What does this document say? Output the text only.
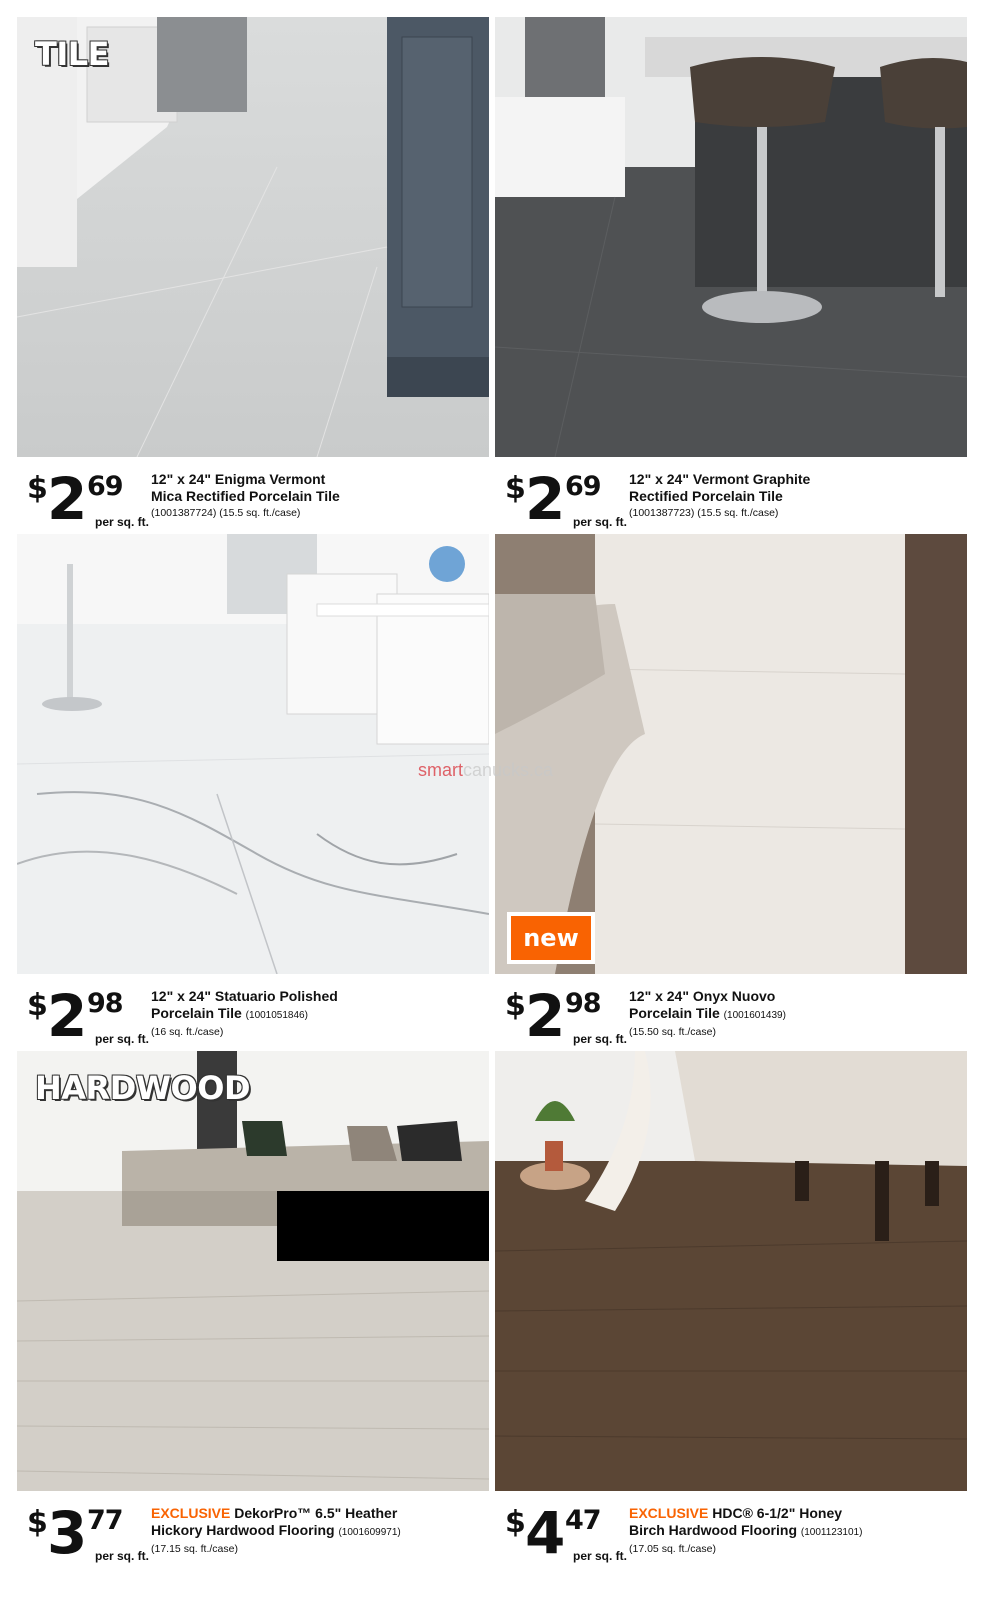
TILE
$ 2 69
per sq. ft.
12" x 24" Enigma Vermont
Mica Rectified Porcelain Tile
(1001387724) (15.5 sq. ft./case)
$ 2 69
per sq. ft.
12" x 24" Vermont Graphite
Rectified Porcelain Tile
(1001387723) (15.5 sq. ft./case)
$ 2 98
per sq. ft.
12" x 24" Statuario Polished
Porcelain Tile (1001051846)
(16 sq. ft./case)
new
$ 2 98
per sq. ft.
12" x 24" Onyx Nuovo
Porcelain Tile (1001601439)
(15.50 sq. ft./case)
HARDWOOD
$ 3 77
per sq. ft.
EXCLUSIVE DekorPro™ 6.5" Heather
Hickory Hardwood Flooring (1001609971)
(17.15 sq. ft./case)
$ 4 47
per sq. ft.
EXCLUSIVE HDC® 6-1/2" Honey
Birch Hardwood Flooring (1001123101)
(17.05 sq. ft./case)
smartcanucks.ca
